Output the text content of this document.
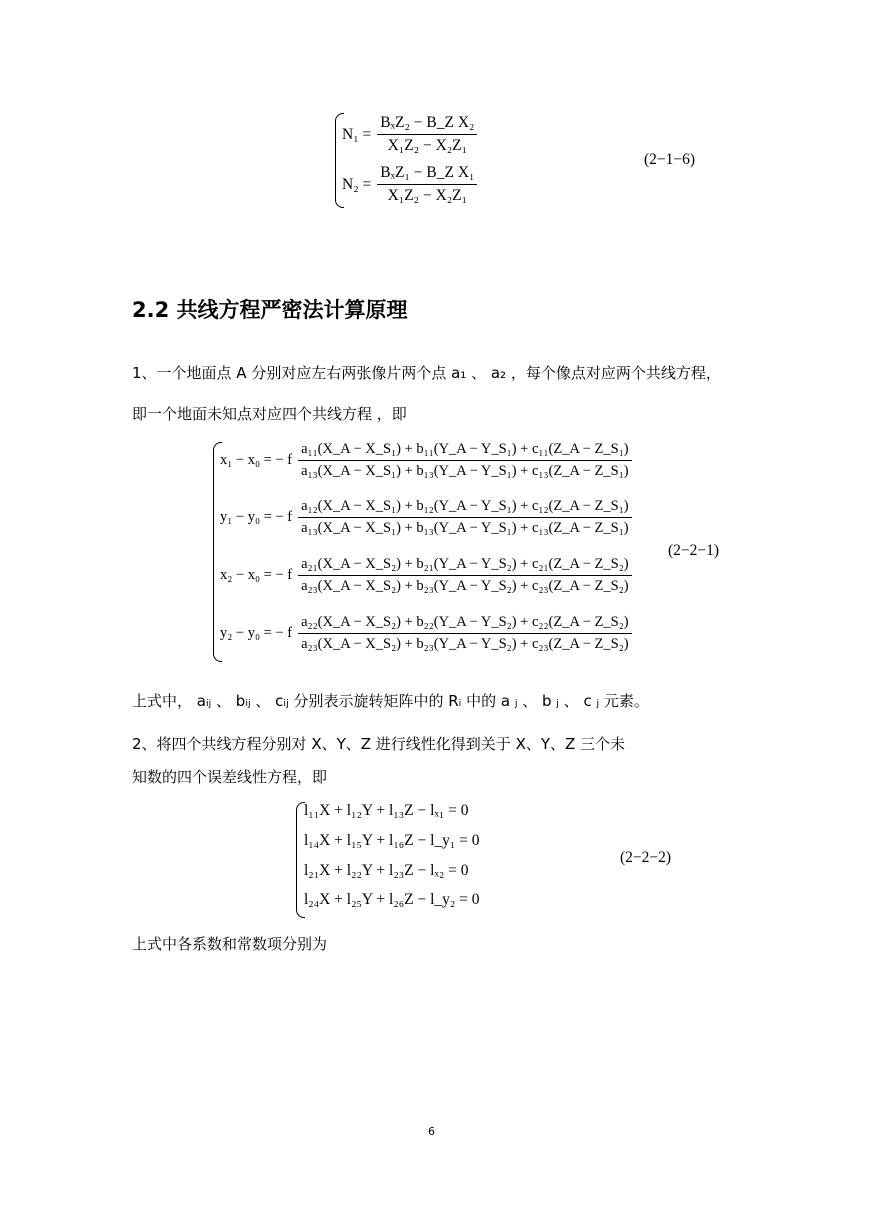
$N_1 = \frac{\text{BₓZ₂ − B\_Z X₂}}{\text{X₁Z₂ − X₂Z₁}}$
$N_2 = \frac{\text{BₓZ₁ − B\_Z X₁}}{\text{X₁Z₂ − X₂Z₁}}$
(2−1−6)
2.2 共线方程严密法计算原理
1、一个地面点 A 分别对应左右两张像片两个点 a₁ 、 a₂ ，每个像点对应两个共线方程，
即一个地面未知点对应四个共线方程 ，即
x₁ − x₀ = − f $\frac{\text{a₁₁(X\_A − X\_S₁) + b₁₁(Y\_A − Y\_S₁) + c₁₁(Z\_A − Z\_S₁)}}{\text{a₁₃(X\_A − X\_S₁) + b₁₃(Y\_A − Y\_S₁) + c₁₃(Z\_A − Z\_S₁)}}$
y₁ − y₀ = − f $\frac{\text{a₁₂(X\_A − X\_S₁) + b₁₂(Y\_A − Y\_S₁) + c₁₂(Z\_A − Z\_S₁)}}{\text{a₁₃(X\_A − X\_S₁) + b₁₃(Y\_A − Y\_S₁) + c₁₃(Z\_A − Z\_S₁)}}$
x₂ − x₀ = − f $\frac{\text{a₂₁(X\_A − X\_S₂) + b₂₁(Y\_A − Y\_S₂) + c₂₁(Z\_A − Z\_S₂)}}{\text{a₂₃(X\_A − X\_S₂) + b₂₃(Y\_A − Y\_S₂) + c₂₃(Z\_A − Z\_S₂)}}$
y₂ − y₀ = − f $\frac{\text{a₂₂(X\_A − X\_S₂) + b₂₂(Y\_A − Y\_S₂) + c₂₂(Z\_A − Z\_S₂)}}{\text{a₂₃(X\_A − X\_S₂) + b₂₃(Y\_A − Y\_S₂) + c₂₃(Z\_A − Z\_S₂)}}$
(2−2−1)
上式中， aᵢⱼ 、 bᵢⱼ 、 cᵢⱼ 分别表示旋转矩阵中的 Rᵢ 中的 a ⱼ 、 b ⱼ 、 c ⱼ 元素。
2、将四个共线方程分别对 X、Y、Z 进行线性化得到关于 X、Y、Z 三个未
知数的四个误差线性方程，即
l₁₁X + l₁₂Y + l₁₃Z − lₓ₁ = 0
l₁₄X + l₁₅Y + l₁₆Z − l_y₁ = 0
l₂₁X + l₂₂Y + l₂₃Z − lₓ₂ = 0
l₂₄X + l₂₅Y + l₂₆Z − l_y₂ = 0
(2−2−2)
上式中各系数和常数项分别为
6
